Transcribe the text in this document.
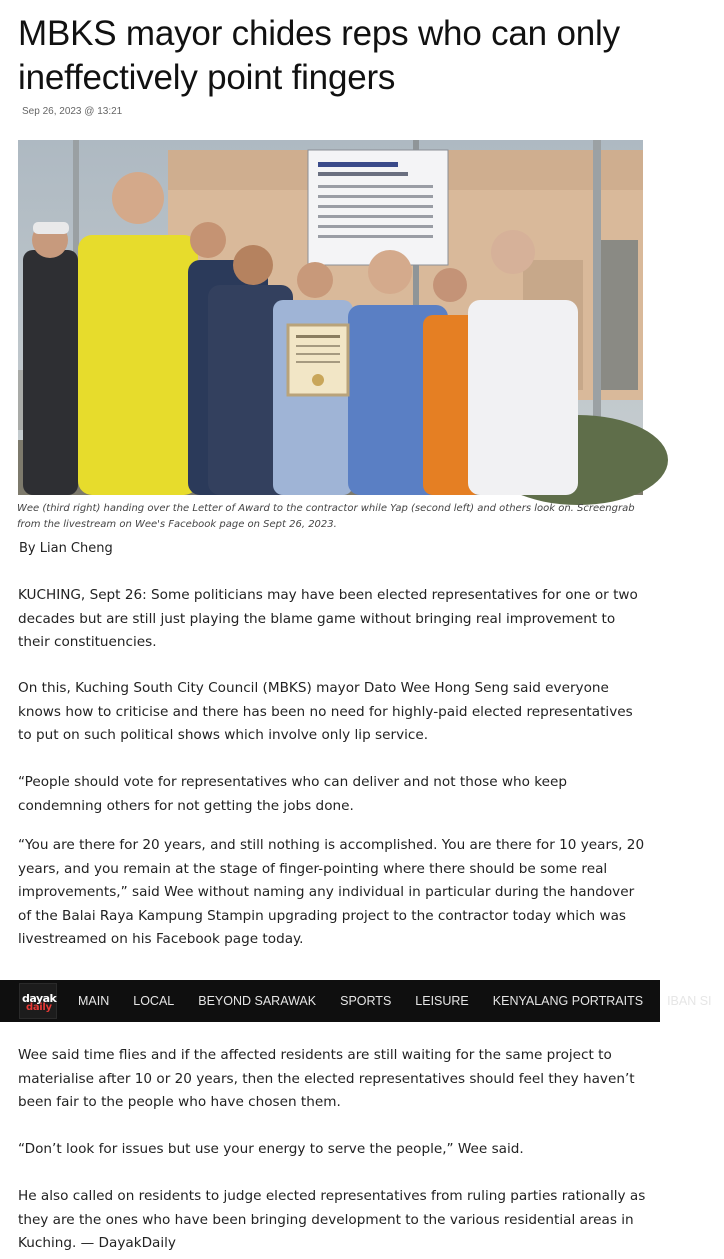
MBKS mayor chides reps who can only ineffectively point fingers
Sep 26, 2023 @ 13:21

Wee (third right) handing over the Letter of Award to the contractor while Yap (second left) and others look on. Screengrab from the livestream on Wee's Facebook page on Sept 26, 2023.

By Lian Cheng

KUCHING, Sept 26: Some politicians may have been elected representatives for one or two decades but are still just playing the blame game without bringing real improvement to their constituencies.

On this, Kuching South City Council (MBKS) mayor Dato Wee Hong Seng said everyone knows how to criticise and there has been no need for highly-paid elected representatives to put on such political shows which involve only lip service.

“People should vote for representatives who can deliver and not those who keep condemning others for not getting the jobs done.

“You are there for 20 years, and still nothing is accomplished. You are there for 10 years, 20 years, and you remain at the stage of finger-pointing where there should be some real improvements,” said Wee without naming any individual in particular during the handover of the Balai Raya Kampung Stampin upgrading project to the contractor today which was livestreamed on his Facebook page today.

dayak
daily	MAIN	LOCAL	BEYOND SARAWAK	SPORTS	LEISURE	KENYALANG PORTRAITS	IBAN SI

Wee said time flies and if the affected residents are still waiting for the same project to materialise after 10 or 20 years, then the elected representatives should feel they haven’t been fair to the people who have chosen them.

“Don’t look for issues but use your energy to serve the people,” Wee said.

He also called on residents to judge elected representatives from ruling parties rationally as they are the ones who have been bringing development to the various residential areas in Kuching. — DayakDaily
